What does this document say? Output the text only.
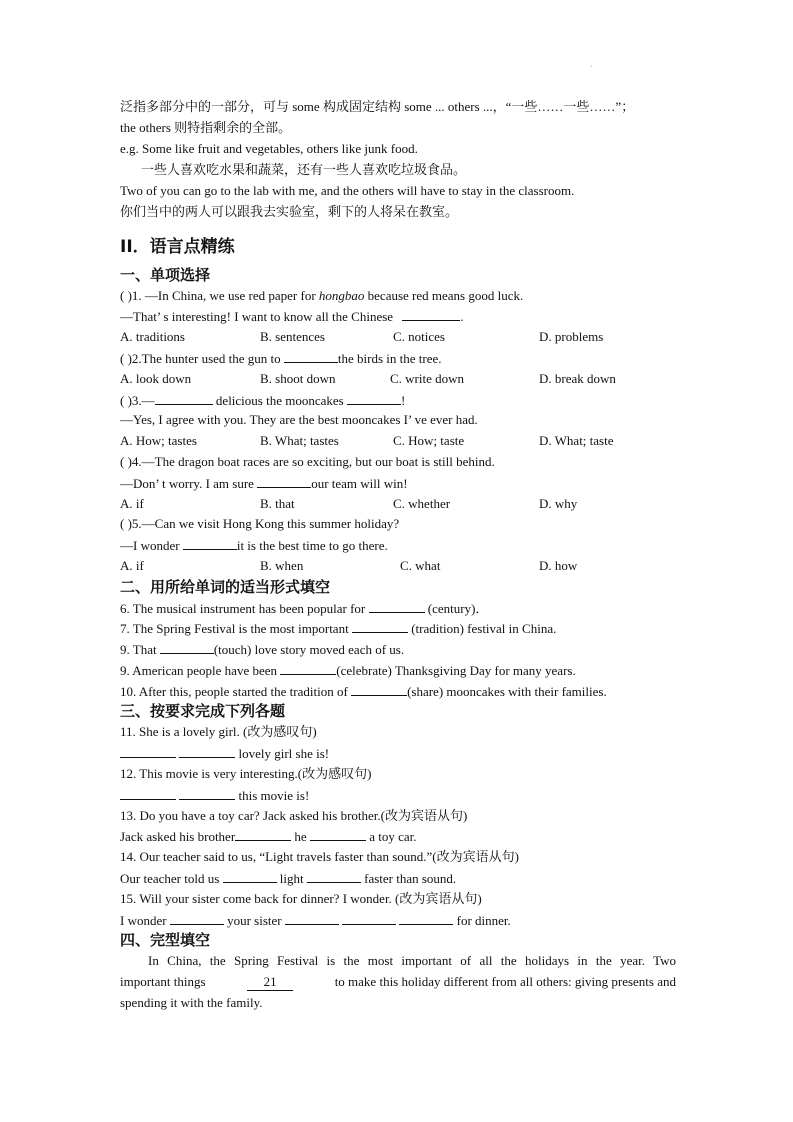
·
泛指多部分中的一部分，可与 some 构成固定结构 some ... others ...，“一些……一些……”；
the others 则特指剩余的全部。
e.g. Some like fruit and vegetables, others like junk food.
一些人喜欢吃水果和蔬菜，还有一些人喜欢吃垃圾食品。
Two of you can go to the lab with me, and the others will have to stay in the classroom.
你们当中的两人可以跟我去实验室，剩下的人将呆在教室。
II．语言点精练
一、单项选择
( )1. —In China, we use red paper for hongbao because red means good luck.
—That’ s interesting! I want to know all the Chinese	.
A. traditions	B. sentences	C. notices	D. problems
( )2.The hunter used the gun to	the birds in the tree.
A. look down	B. shoot down	C. write down	D. break down
( )3.—	delicious the mooncakes	!
—Yes, I agree with you. They are the best mooncakes I’ ve ever had.
A. How; tastes	B. What; tastes	C. How; taste	D. What; taste
( )4.—The dragon boat races are so exciting, but our boat is still behind.
—Don’ t worry. I am sure	our team will win!
A. if	B. that	C. whether	D. why
( )5.—Can we visit Hong Kong this summer holiday?
—I wonder	it is the best time to go there.
A. if	B. when	C. what	D. how
二、用所给单词的适当形式填空
6. The musical instrument has been popular for	(century)．
7. The Spring Festival is the most important	(tradition) festival in China.
9. That	(touch) love story moved each of us.
9. American people have been	(celebrate) Thanksgiving Day for many years.
10. After this, people started the tradition of	(share) mooncakes with their families.
三、按要求完成下列各题
11. She is a lovely girl. (改为感叹句)
lovely girl she is!
12. This movie is very interesting.(改为感叹句)
this movie is!
13. Do you have a toy car? Jack asked his brother.(改为宾语从句)
Jack asked his brother	he	a toy car.
14. Our teacher said to us, “Light travels faster than sound.”(改为宾语从句)
Our teacher told us	light	faster than sound.
15. Will your sister come back for dinner? I wonder. (改为宾语从句)
I wonder	your sister	for dinner.
四、完型填空
In China, the Spring Festival is the most important of all the holidays in the year. Two
important things	21	to make this holiday different from all others: giving presents and
spending it with the family.
